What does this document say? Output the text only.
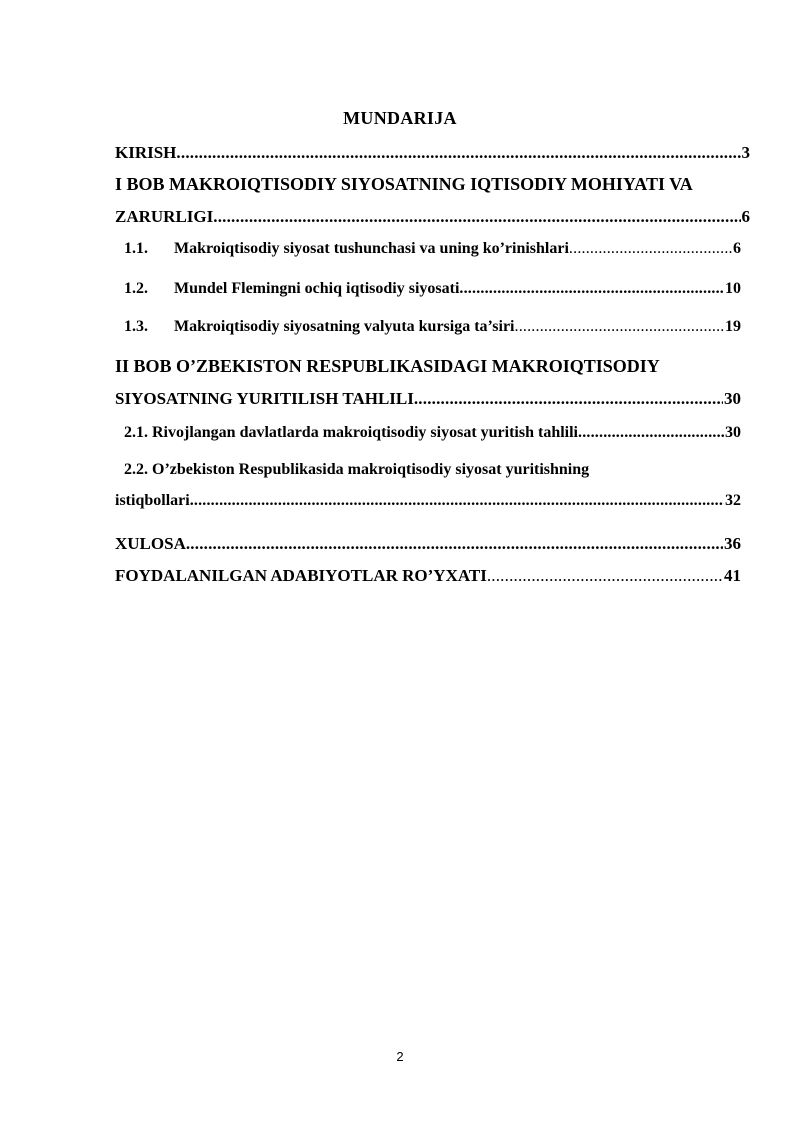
MUNDARIJA
KIRISH .....	3
I BOB MAKROIQTISODIY SIYOSATNING IQTISODIY MOHIYATI VA
ZARURLIGI .....	6
1.1.	Makroiqtisodiy siyosat tushunchasi va uning ko’rinishlari .....	6
1.2.	Mundel Flemingni ochiq iqtisodiy siyosati .....	10
1.3.	Makroiqtisodiy siyosatning valyuta kursiga ta’siri .....	19
II BOB O’ZBEKISTON RESPUBLIKASIDAGI MAKROIQTISODIY
SIYOSATNING YURITILISH TAHLILI .....	30
2.1. Rivojlangan davlatlarda makroiqtisodiy siyosat yuritish tahlili .....	30
2.2. O’zbekiston Respublikasida makroiqtisodiy siyosat yuritishning
istiqbollari .....	32
XULOSA .....	36
FOYDALANILGAN ADABIYOTLAR RO’YXATI .....	41
2
